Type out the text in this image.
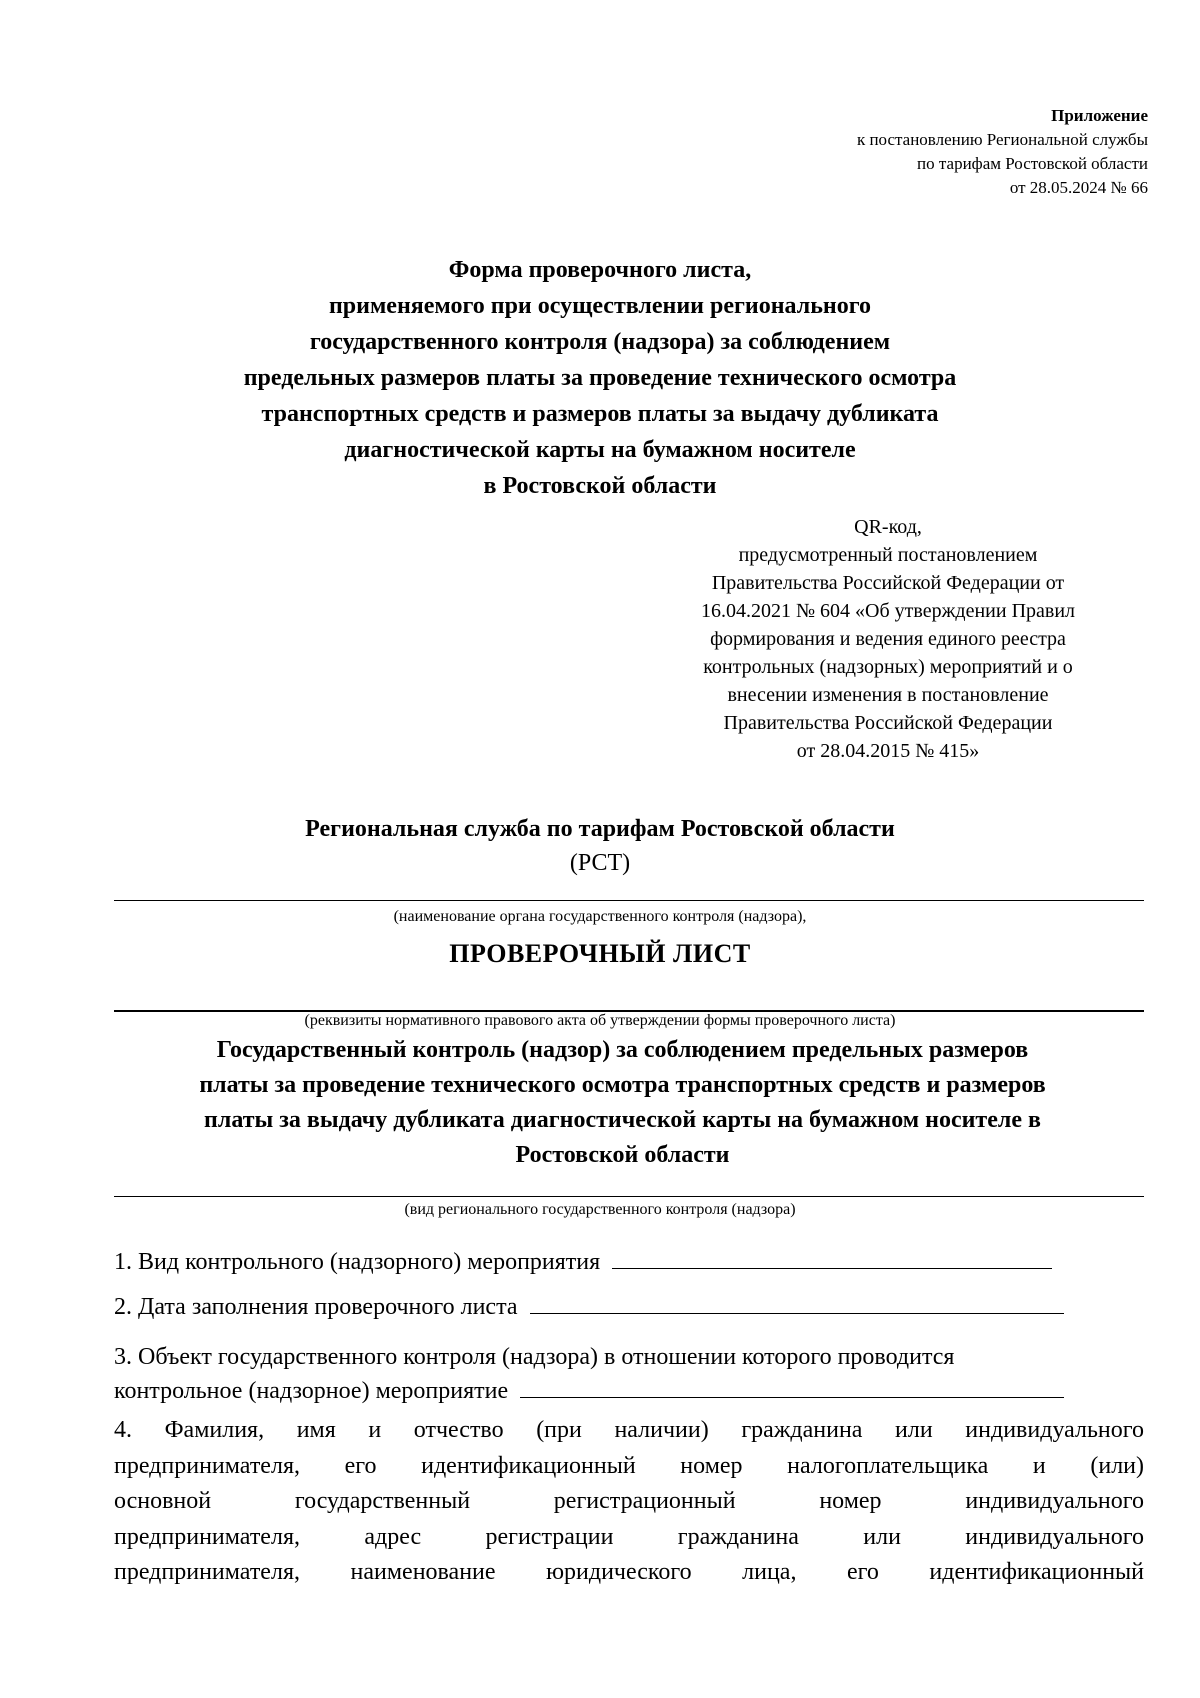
Приложение
к постановлению Региональной службы
по тарифам Ростовской области
от 28.05.2024 № 66
Форма проверочного листа,
применяемого при осуществлении регионального
государственного контроля (надзора) за соблюдением
предельных размеров платы за проведение технического осмотра
транспортных средств и размеров платы за выдачу дубликата
диагностической карты на бумажном носителе
в Ростовской области
QR-код,
предусмотренный постановлением
Правительства Российской Федерации от
16.04.2021 № 604 «Об утверждении Правил
формирования и ведения единого реестра
контрольных (надзорных) мероприятий и о
внесении изменения в постановление
Правительства Российской Федерации
от 28.04.2015 № 415»
Региональная служба по тарифам Ростовской области
(РСТ)
(наименование органа государственного контроля (надзора),
ПРОВЕРОЧНЫЙ ЛИСТ
(реквизиты нормативного правового акта об утверждении формы проверочного листа)
Государственный контроль (надзор) за соблюдением предельных размеров
платы за проведение технического осмотра транспортных средств и размеров
платы за выдачу дубликата диагностической карты на бумажном носителе в
Ростовской области
(вид регионального государственного контроля (надзора)
1. Вид контрольного (надзорного) мероприятия
2. Дата заполнения проверочного листа
3. Объект государственного контроля (надзора) в отношении которого проводится
контрольное (надзорное) мероприятие
4. Фамилия, имя и отчество (при наличии) гражданина или индивидуального
предпринимателя, его идентификационный номер налогоплательщика и (или)
основной государственный регистрационный номер индивидуального
предпринимателя, адрес регистрации гражданина или индивидуального
предпринимателя, наименование юридического лица, его идентификационный
